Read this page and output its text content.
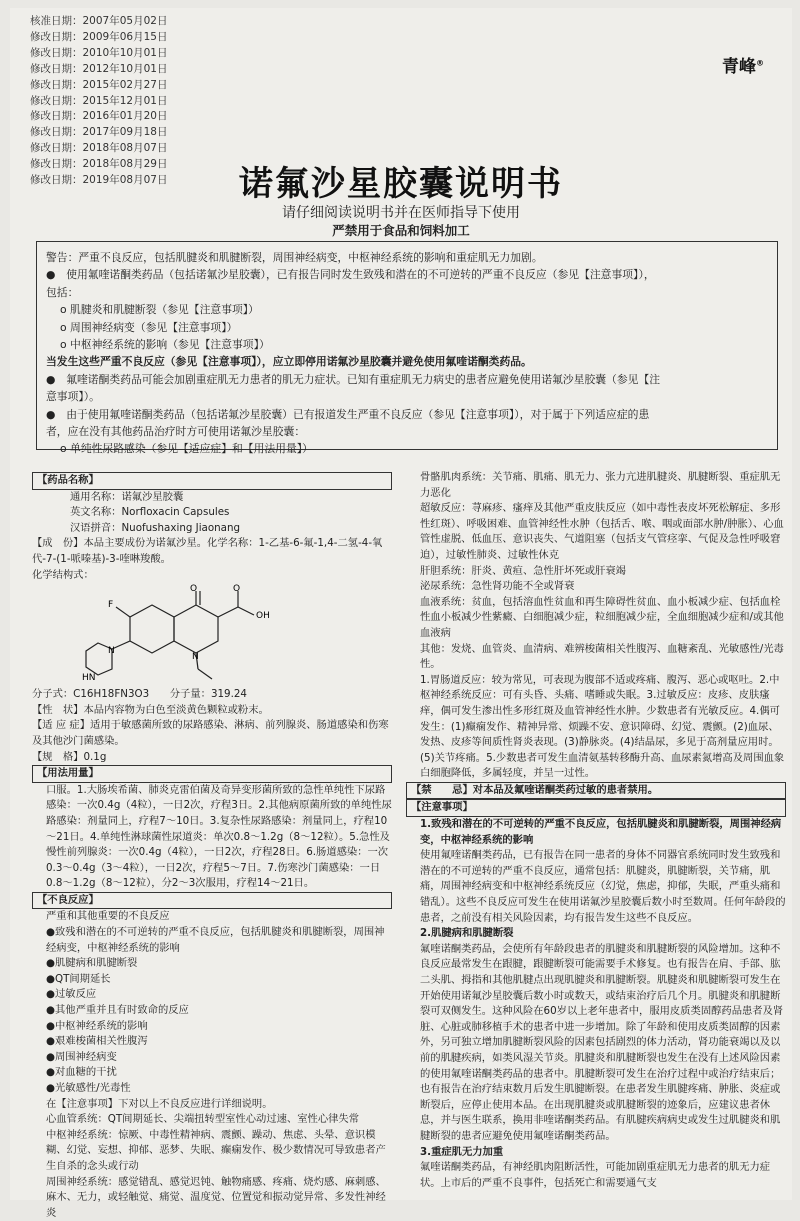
核准日期：2007年05月02日
修改日期：2009年06月15日
修改日期：2010年10月01日
修改日期：2012年10月01日
修改日期：2015年02月27日
修改日期：2015年12月01日
修改日期：2016年01月20日
修改日期：2017年09月18日
修改日期：2018年08月07日
修改日期：2018年08月29日
修改日期：2019年08月07日
青峰®
诺氟沙星胶囊说明书
请仔细阅读说明书并在医师指导下使用
严禁用于食品和饲料加工

警告：严重不良反应，包括肌腱炎和肌腱断裂，周围神经病变，中枢神经系统的影响和重症肌无力加剧。

●　使用氟喹诺酮类药品（包括诺氟沙星胶囊），已有报告同时发生致残和潜在的不可逆转的严重不良反应（参见【注意事项】），

包括：

o 肌腱炎和肌腱断裂（参见【注意事项】）

o 周围神经病变（参见【注意事项】）

o 中枢神经系统的影响（参见【注意事项】）

当发生这些严重不良反应（参见【注意事项】），应立即停用诺氟沙星胶囊并避免使用氟喹诺酮类药品。

●　氟喹诺酮类药品可能会加剧重症肌无力患者的肌无力症状。已知有重症肌无力病史的患者应避免使用诺氟沙星胶囊（参见【注

意事项】）。

●　由于使用氟喹诺酮类药品（包括诺氟沙星胶囊）已有报道发生严重不良反应（参见【注意事项】），对于属于下列适应症的患

者，应在没有其他药品治疗时方可使用诺氟沙星胶囊：

o 单纯性尿路感染（参见【适应症】和【用法用量】）

【药品名称】

通用名称：诺氟沙星胶囊

英文名称：Norfloxacin Capsules

汉语拼音：Nuofushaxing Jiaonang

【成　份】本品主要成份为诺氟沙星。化学名称：1-乙基-6-氟-1,4-二氢-4-氧代-7-(1-哌嗪基)-3-喹啉羧酸。

化学结构式：

O
OH
O
F
N
N
HN

分子式：C16H18FN3O3　　分子量：319.24

【性　状】本品内容物为白色至淡黄色颗粒或粉末。

【适 应 症】适用于敏感菌所致的尿路感染、淋病、前列腺炎、肠道感染和伤寒及其他沙门菌感染。

【规　格】0.1g

【用法用量】

口服。1.大肠埃希菌、肺炎克雷伯菌及奇异变形菌所致的急性单纯性下尿路感染：一次0.4g（4粒），一日2次，疗程3日。2.其他病原菌所致的单纯性尿路感染：剂量同上，疗程7～10日。3.复杂性尿路感染：剂量同上，疗程10～21日。4.单纯性淋球菌性尿道炎：单次0.8～1.2g（8～12粒）。5.急性及慢性前列腺炎：一次0.4g（4粒），一日2次，疗程28日。6.肠道感染：一次0.3～0.4g（3～4粒），一日2次，疗程5～7日。7.伤寒沙门菌感染：一日0.8～1.2g（8～12粒），分2～3次服用，疗程14～21日。

【不良反应】

严重和其他重要的不良反应

●致残和潜在的不可逆转的严重不良反应，包括肌腱炎和肌腱断裂，周围神经病变，中枢神经系统的影响

●肌腱病和肌腱断裂

●QT间期延长

●过敏反应

●其他严重并且有时致命的反应

●中枢神经系统的影响

●艰难梭菌相关性腹泻

●周围神经病变

●对血糖的干扰

●光敏感性/光毒性

在【注意事项】下对以上不良反应进行详细说明。

心血管系统：QT间期延长、尖端扭转型室性心动过速、室性心律失常

中枢神经系统：惊厥、中毒性精神病、震颤、躁动、焦虑、头晕、意识模糊、幻觉、妄想、抑郁、恶梦、失眠、癫痫发作、极少数情况可导致患者产生自杀的念头或行动

周围神经系统：感觉错乱、感觉迟钝、触物痛感、疼痛、烧灼感、麻刺感、麻木、无力，或轻触觉、痛觉、温度觉、位置觉和振动觉异常、多发性神经炎

骨骼肌肉系统：关节痛、肌痛、肌无力、张力亢进肌腱炎、肌腱断裂、重症肌无力恶化

超敏反应：荨麻疹、瘙痒及其他严重皮肤反应（如中毒性表皮坏死松解症、多形性红斑）、呼吸困难、血管神经性水肿（包括舌、喉、咽或面部水肿/肿胀）、心血管性虚脱、低血压、意识丧失、气道阻塞（包括支气管痉挛、气促及急性呼吸窘迫），过敏性肺炎、过敏性休克

肝胆系统：肝炎、黄疸、急性肝坏死或肝衰竭

泌尿系统：急性肾功能不全或肾衰

血液系统：贫血，包括溶血性贫血和再生障碍性贫血、血小板减少症、包括血栓性血小板减少性紫癜、白细胞减少症，粒细胞减少症，全血细胞减少症和/或其他血液病

其他：发烧、血管炎、血清病、难辨梭菌相关性腹泻、血糖紊乱、光敏感性/光毒性。

1.胃肠道反应：较为常见，可表现为腹部不适或疼痛、腹泻、恶心或呕吐。2.中枢神经系统反应：可有头昏、头痛、嗜睡或失眠。3.过敏反应：皮疹、皮肤瘙痒，偶可发生渗出性多形红斑及血管神经性水肿。少数患者有光敏反应。4.偶可发生：(1)癫痫发作、精神异常、烦躁不安、意识障碍、幻觉、震颤。(2)血尿、发热、皮疹等间质性肾炎表现。(3)静脉炎。(4)结晶尿，多见于高剂量应用时。(5)关节疼痛。5.少数患者可发生血清氨基转移酶升高、血尿素氮增高及周围血象白细胞降低，多属轻度，并呈一过性。

【禁　　忌】对本品及氟喹诺酮类药过敏的患者禁用。

【注意事项】

1.致残和潜在的不可逆转的严重不良反应，包括肌腱炎和肌腱断裂，周围神经病变，中枢神经系统的影响

使用氟喹诺酮类药品，已有报告在同一患者的身体不同器官系统同时发生致残和潜在的不可逆转的严重不良反应，通常包括：肌腱炎，肌腱断裂，关节痛，肌痛，周围神经病变和中枢神经系统反应（幻觉，焦虑，抑郁，失眠，严重头痛和错乱）。这些不良反应可发生在使用诺氟沙星胶囊后数小时至数周。任何年龄段的患者，之前没有相关风险因素，均有报告发生这些不良反应。

2.肌腱病和肌腱断裂

氟喹诺酮类药品，会使所有年龄段患者的肌腱炎和肌腱断裂的风险增加。这种不良反应最常发生在跟腱，跟腱断裂可能需要手术修复。也有报告在肩、手部、肱二头肌、拇指和其他肌腱点出现肌腱炎和肌腱断裂。肌腱炎和肌腱断裂可发生在开始使用诺氟沙星胶囊后数小时或数天，或结束治疗后几个月。肌腱炎和肌腱断裂可双侧发生。这种风险在60岁以上老年患者中，服用皮质类固醇药品患者及肾脏、心脏或肺移植手术的患者中进一步增加。除了年龄和使用皮质类固醇的因素外，另可独立增加肌腱断裂风险的因素包括剧烈的体力活动，肾功能衰竭以及以前的肌腱疾病，如类风湿关节炎。肌腱炎和肌腱断裂也发生在没有上述风险因素的使用氟喹诺酮类药品的患者中。肌腱断裂可发生在治疗过程中或治疗结束后；也有报告在治疗结束数月后发生肌腱断裂。在患者发生肌腱疼痛、肿胀、炎症或断裂后，应停止使用本品。在出现肌腱炎或肌腱断裂的迹象后，应建议患者休息，并与医生联系，换用非喹诺酮类药品。有肌腱疾病病史或发生过肌腱炎和肌腱断裂的患者应避免使用氟喹诺酮类药品。

3.重症肌无力加重

氟喹诺酮类药品，有神经肌肉阻断活性，可能加剧重症肌无力患者的肌无力症状。上市后的严重不良事件，包括死亡和需要通气支
